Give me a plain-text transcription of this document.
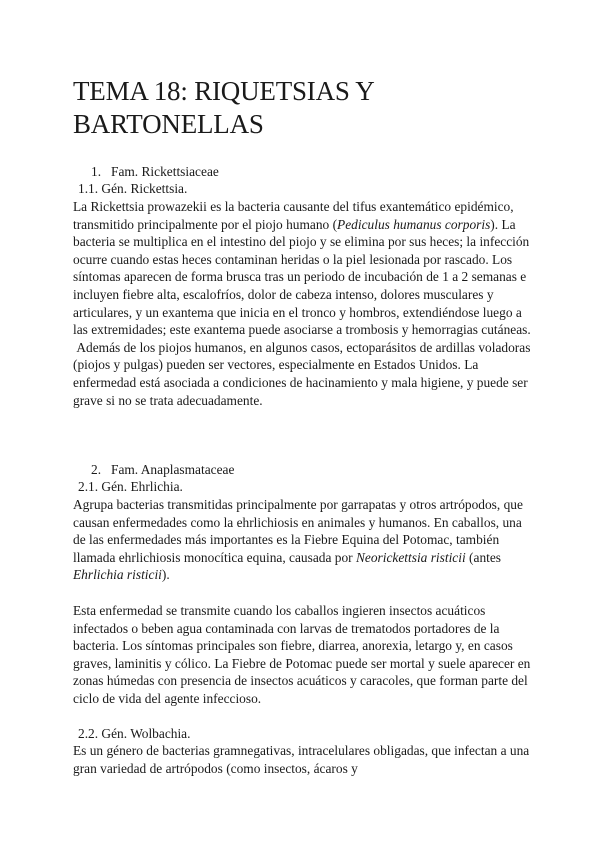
TEMA 18: RIQUETSIAS Y BARTONELLAS
1. Fam. Rickettsiaceae
1.1. Gén. Rickettsia.

La Rickettsia prowazekii es la bacteria causante del tifus exantemático epidémico, transmitido principalmente por el piojo humano (Pediculus humanus corporis). La bacteria se multiplica en el intestino del piojo y se elimina por sus heces; la infección ocurre cuando estas heces contaminan heridas o la piel lesionada por rascado. Los síntomas aparecen de forma brusca tras un periodo de incubación de 1 a 2 semanas e incluyen fiebre alta, escalofríos, dolor de cabeza intenso, dolores musculares y articulares, y un exantema que inicia en el tronco y hombros, extendiéndose luego a las extremidades; este exantema puede asociarse a trombosis y hemorragias cutáneas.

Además de los piojos humanos, en algunos casos, ectoparásitos de ardillas voladoras (piojos y pulgas) pueden ser vectores, especialmente en Estados Unidos. La enfermedad está asociada a condiciones de hacinamiento y mala higiene, y puede ser grave si no se trata adecuadamente.

2. Fam. Anaplasmataceae
2.1. Gén. Ehrlichia.

Agrupa bacterias transmitidas principalmente por garrapatas y otros artrópodos, que causan enfermedades como la ehrlichiosis en animales y humanos. En caballos, una de las enfermedades más importantes es la Fiebre Equina del Potomac, también llamada ehrlichiosis monocítica equina, causada por Neorickettsia risticii (antes Ehrlichia risticii).

Esta enfermedad se transmite cuando los caballos ingieren insectos acuáticos infectados o beben agua contaminada con larvas de trematodos portadores de la bacteria. Los síntomas principales son fiebre, diarrea, anorexia, letargo y, en casos graves, laminitis y cólico. La Fiebre de Potomac puede ser mortal y suele aparecer en zonas húmedas con presencia de insectos acuáticos y caracoles, que forman parte del ciclo de vida del agente infeccioso.
2.2. Gén. Wolbachia.
Es un género de bacterias gramnegativas, intracelulares obligadas, que infectan a una gran variedad de artrópodos (como insectos, ácaros y
